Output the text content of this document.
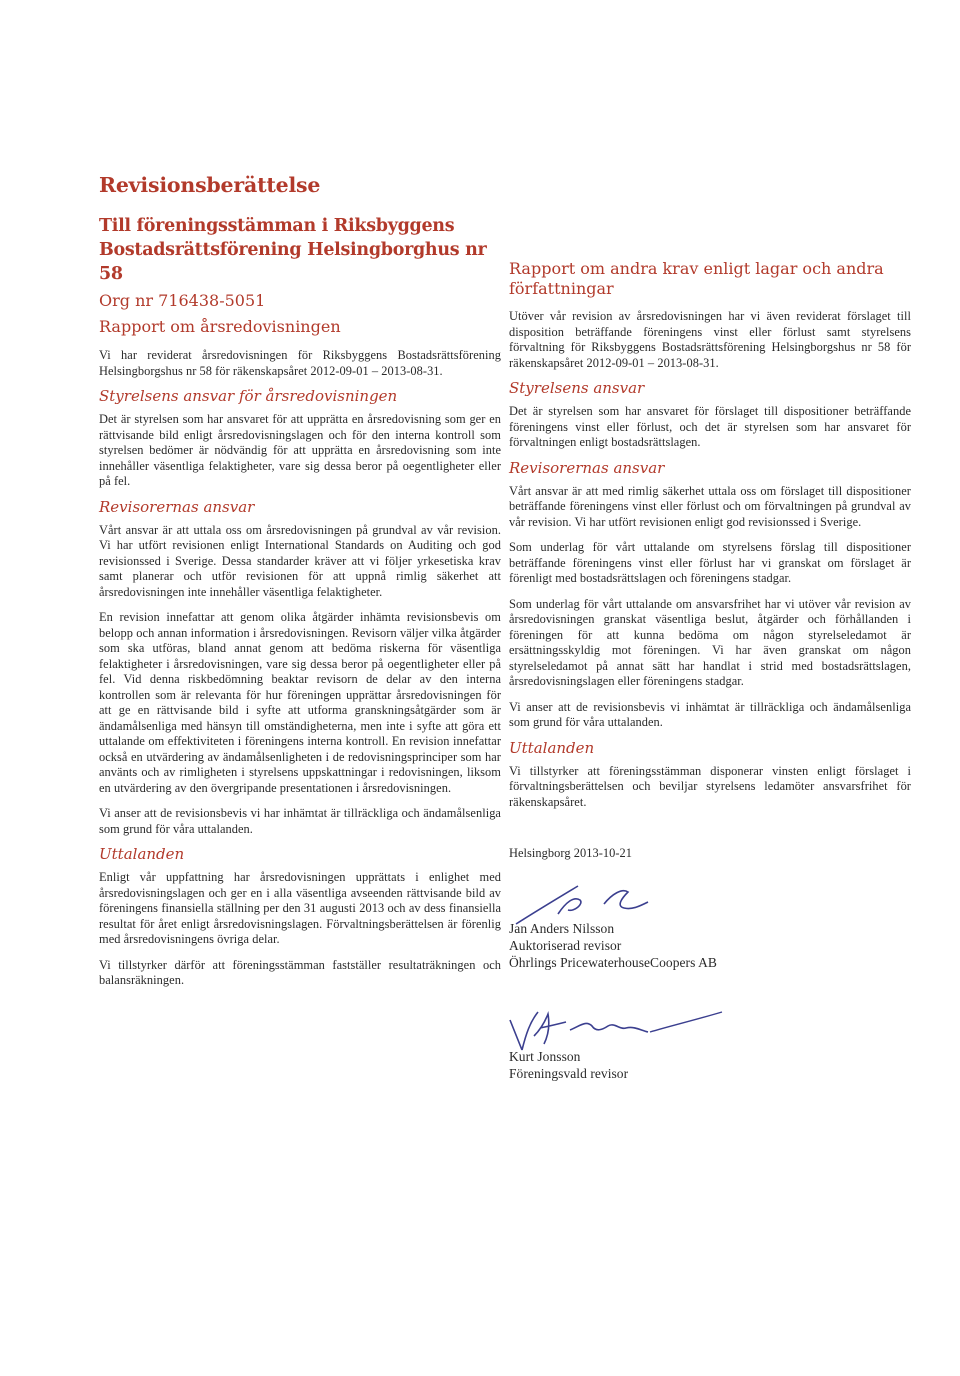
Revisionsberättelse
Till föreningsstämman i Riksbyggens Bostadsrättsförening Helsingborghus nr 58
Org nr 716438-5051
Rapport om årsredovisningen

Vi har reviderat årsredovisningen för Riksbyggens Bostadsrättsförening Helsingborgshus nr 58 för räkenskapsåret 2012-09-01 – 2013-08-31.

Styrelsens ansvar för årsredovisningen

Det är styrelsen som har ansvaret för att upprätta en årsredovisning som ger en rättvisande bild enligt årsredovisningslagen och för den interna kontroll som styrelsen bedömer är nödvändig för att upprätta en årsredovisning som inte innehåller väsentliga felaktigheter, vare sig dessa beror på oegentligheter eller på fel.

Revisorernas ansvar

Vårt ansvar är att uttala oss om årsredovisningen på grundval av vår revision. Vi har utfört revisionen enligt International Standards on Auditing och god revisionssed i Sverige. Dessa standarder kräver att vi följer yrkesetiska krav samt planerar och utför revisionen för att uppnå rimlig säkerhet att årsredovisningen inte innehåller väsentliga felaktigheter.

En revision innefattar att genom olika åtgärder inhämta revisionsbevis om belopp och annan information i årsredovisningen. Revisorn väljer vilka åtgärder som ska utföras, bland annat genom att bedöma riskerna för väsentliga felaktigheter i årsredovisningen, vare sig dessa beror på oegentligheter eller på fel. Vid denna riskbedömning beaktar revisorn de delar av den interna kontrollen som är relevanta för hur föreningen upprättar årsredovisningen för att ge en rättvisande bild i syfte att utforma granskningsåtgärder som är ändamålsenliga med hänsyn till omständigheterna, men inte i syfte att göra ett uttalande om effektiviteten i föreningens interna kontroll. En revision innefattar också en utvärdering av ändamålsenligheten i de redovisningsprinciper som har använts och av rimligheten i styrelsens uppskattningar i redovisningen, liksom en utvärdering av den övergripande presentationen i årsredovisningen.

Vi anser att de revisionsbevis vi har inhämtat är tillräckliga och ändamålsenliga som grund för våra uttalanden.

Uttalanden

Enligt vår uppfattning har årsredovisningen upprättats i enlighet med årsredovisningslagen och ger en i alla väsentliga avseenden rättvisande bild av föreningens finansiella ställning per den 31 augusti 2013 och av dess finansiella resultat för året enligt årsredovisningslagen. Förvaltningsberättelsen är förenlig med årsredovisningens övriga delar.

Vi tillstyrker därför att föreningsstämman fastställer resultaträkningen och balansräkningen.

Rapport om andra krav enligt lagar och andra författningar

Utöver vår revision av årsredovisningen har vi även reviderat förslaget till disposition beträffande föreningens vinst eller förlust samt styrelsens förvaltning för Riksbyggens Bostadsrättsförening Helsingborgshus nr 58 för räkenskapsåret 2012-09-01 – 2013-08-31.

Styrelsens ansvar

Det är styrelsen som har ansvaret för förslaget till dispositioner beträffande föreningens vinst eller förlust, och det är styrelsen som har ansvaret för förvaltningen enligt bostadsrättslagen.

Revisorernas ansvar

Vårt ansvar är att med rimlig säkerhet uttala oss om förslaget till dispositioner beträffande föreningens vinst eller förlust och om förvaltningen på grundval av vår revision. Vi har utfört revisionen enligt god revisionssed i Sverige.

Som underlag för vårt uttalande om styrelsens förslag till dispositioner beträffande föreningens vinst eller förlust har vi granskat om förslaget är förenligt med bostadsrättslagen och föreningens stadgar.

Som underlag för vårt uttalande om ansvarsfrihet har vi utöver vår revision av årsredovisningen granskat väsentliga beslut, åtgärder och förhållanden i föreningen för att kunna bedöma om någon styrelseledamot är ersättningsskyldig mot föreningen. Vi har även granskat om någon styrelseledamot på annat sätt har handlat i strid med bostadsrättslagen, årsredovisningslagen eller föreningens stadgar.

Vi anser att de revisionsbevis vi inhämtat är tillräckliga och ändamålsenliga som grund för våra uttalanden.

Uttalanden

Vi tillstyrker att föreningsstämman disponerar vinsten enligt förslaget i förvaltningsberättelsen och beviljar styrelsens ledamöter ansvarsfrihet för räkenskapsåret.

Helsingborg 2013-10-21

Jan Anders Nilsson

Auktoriserad revisor

Öhrlings PricewaterhouseCoopers AB

Kurt Jonsson

Föreningsvald revisor
